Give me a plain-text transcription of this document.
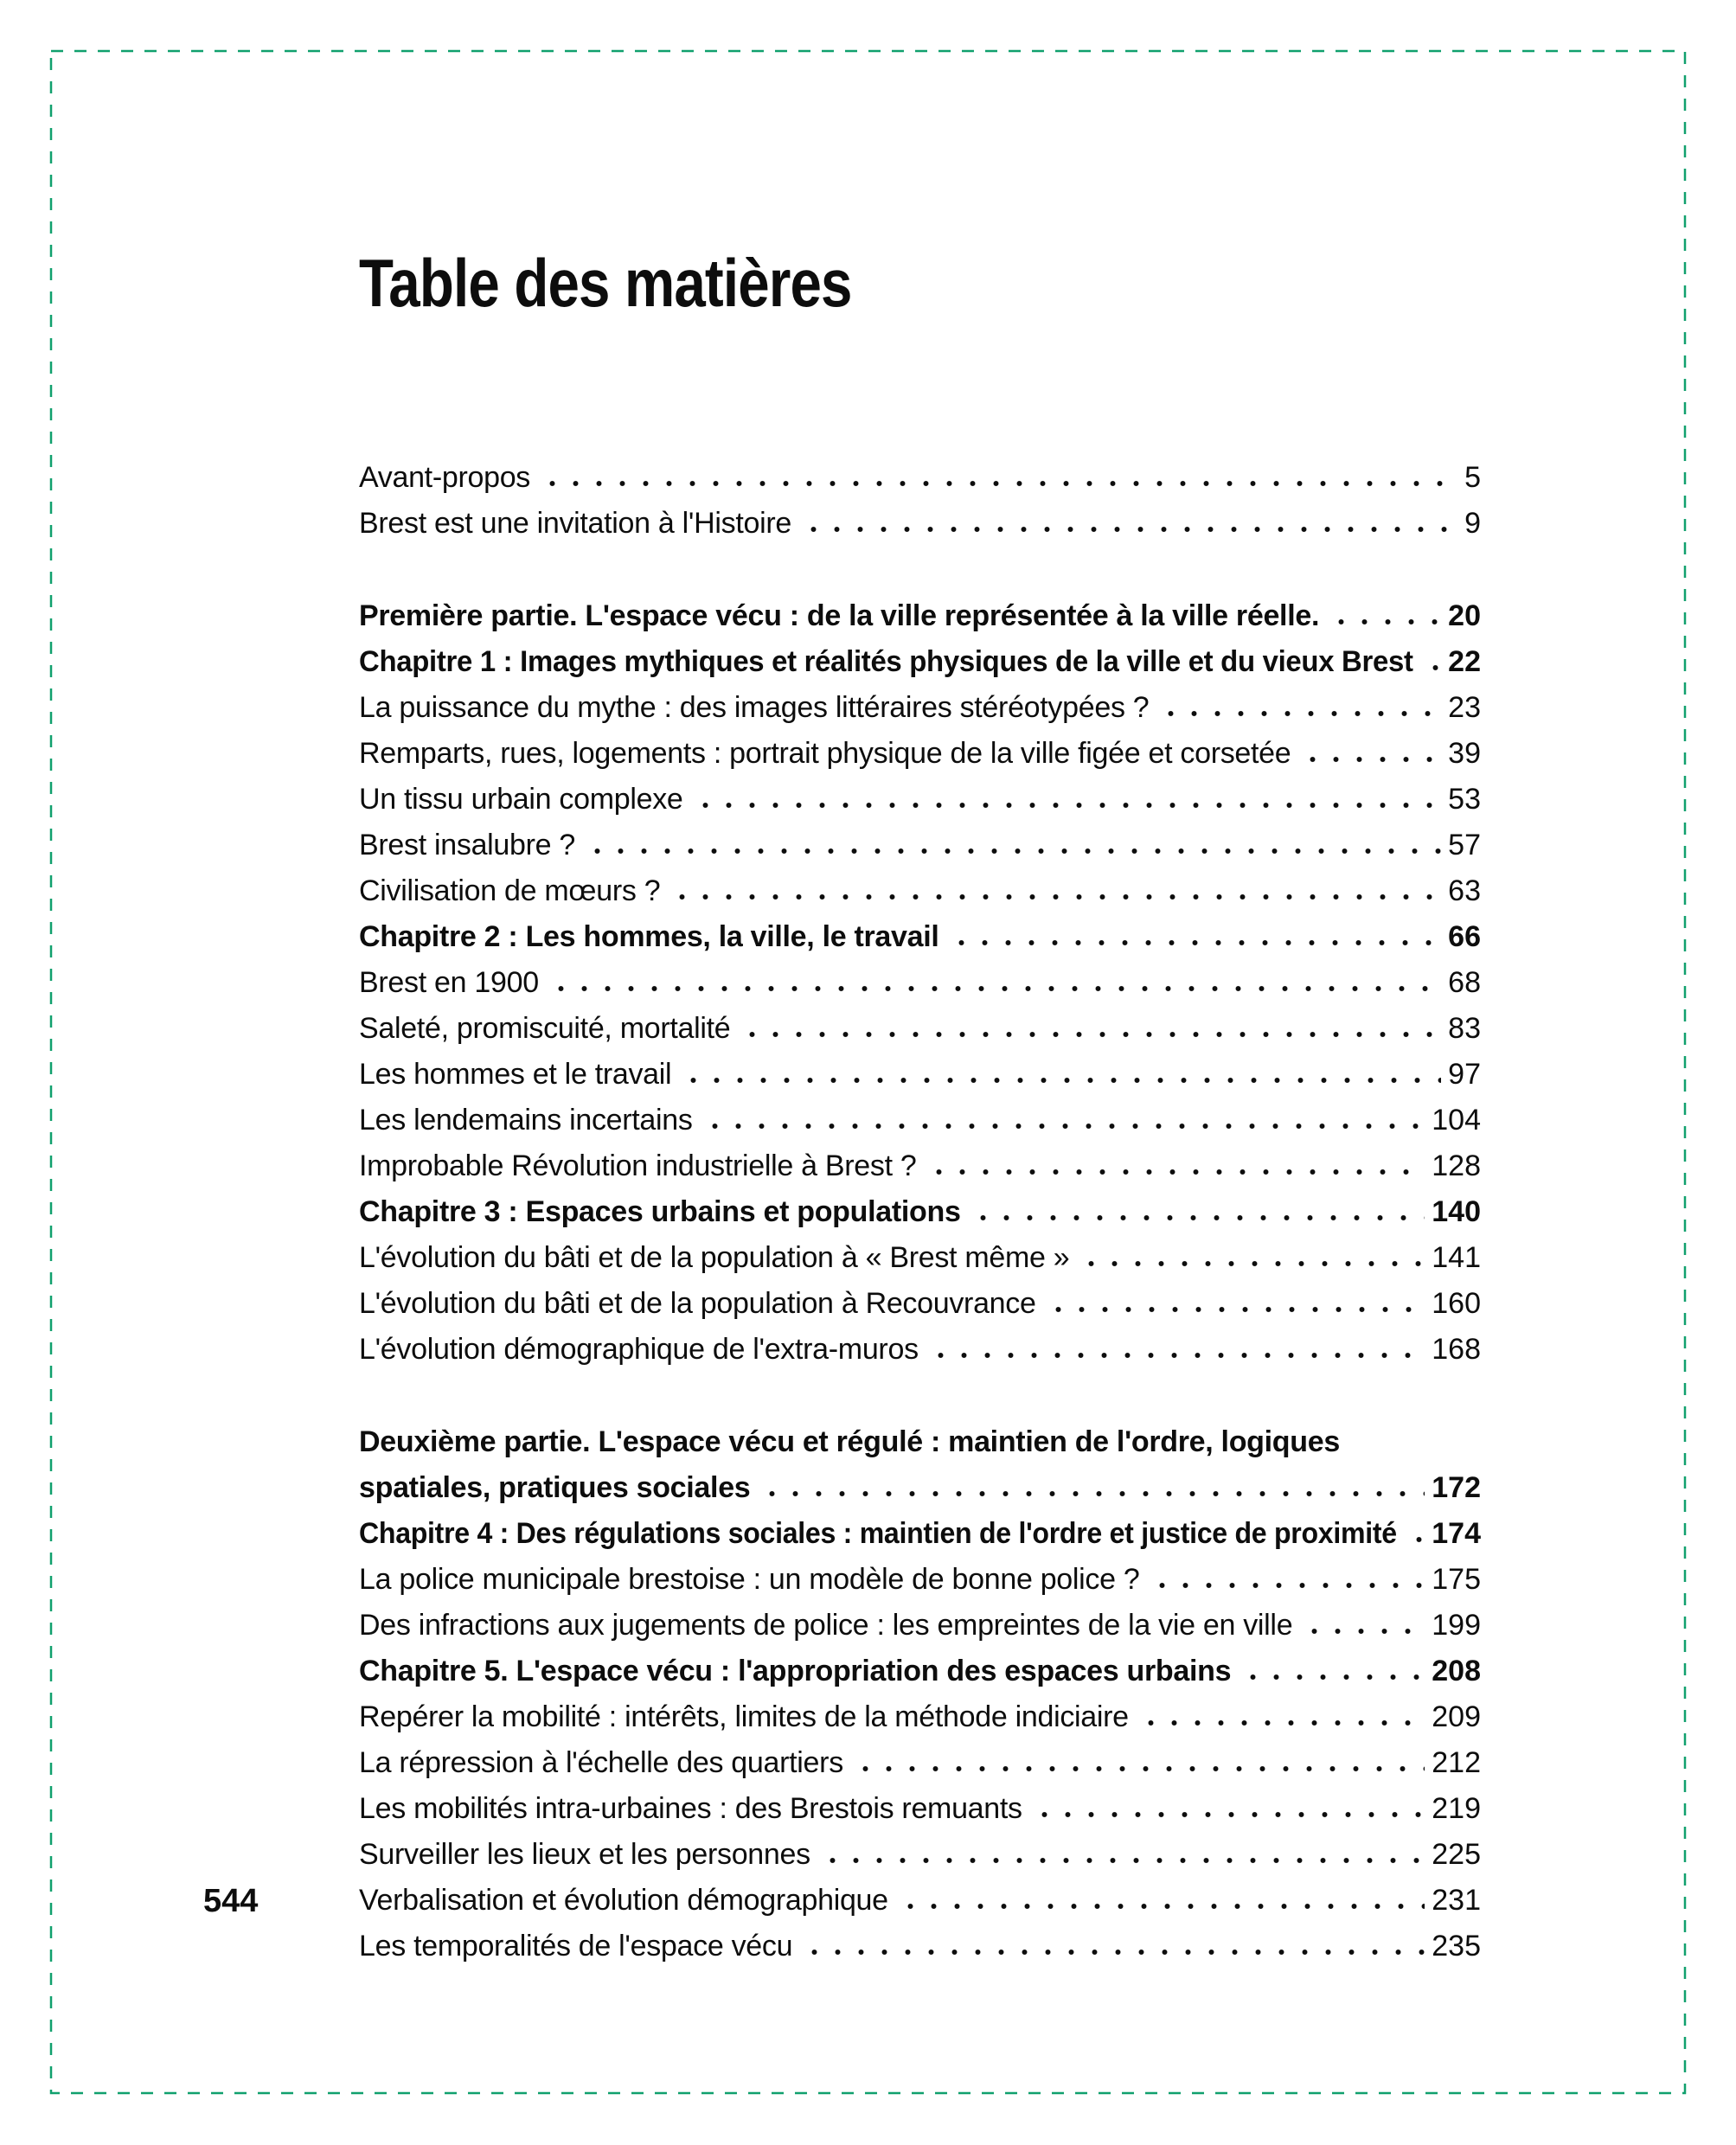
544
Table des matières
Avant-propos	5
Brest est une invitation à l'Histoire	9
Première partie. L'espace vécu : de la ville représentée à la ville réelle.	20
Chapitre 1 : Images mythiques et réalités physiques de la ville et du vieux Brest 22
La puissance du mythe : des images littéraires stéréotypées ?	23
Remparts, rues, logements : portrait physique de la ville figée et corsetée	39
Un tissu urbain complexe	53
Brest insalubre ?	57
Civilisation de mœurs ?	63
Chapitre 2 : Les hommes, la ville, le travail	66
Brest en 1900	68
Saleté, promiscuité, mortalité	83
Les hommes et le travail	97
Les lendemains incertains	104
Improbable Révolution industrielle à Brest ?	128
Chapitre 3 : Espaces urbains et populations	140
L'évolution du bâti et de la population à « Brest même »	141
L'évolution du bâti et de la population à Recouvrance	160
L'évolution démographique de l'extra-muros	168
Deuxième partie. L'espace vécu et régulé : maintien de l'ordre, logiques
spatiales, pratiques sociales	172
Chapitre 4 : Des régulations sociales : maintien de l'ordre et justice de proximité 174
La police municipale brestoise : un modèle de bonne police ?	175
Des infractions aux jugements de police : les empreintes de la vie en ville	199
Chapitre 5. L'espace vécu : l'appropriation des espaces urbains	208
Repérer la mobilité : intérêts, limites de la méthode indiciaire	209
La répression à l'échelle des quartiers	212
Les mobilités intra-urbaines : des Brestois remuants	219
Surveiller les lieux et les personnes	225
Verbalisation et évolution démographique	231
Les temporalités de l'espace vécu	235
